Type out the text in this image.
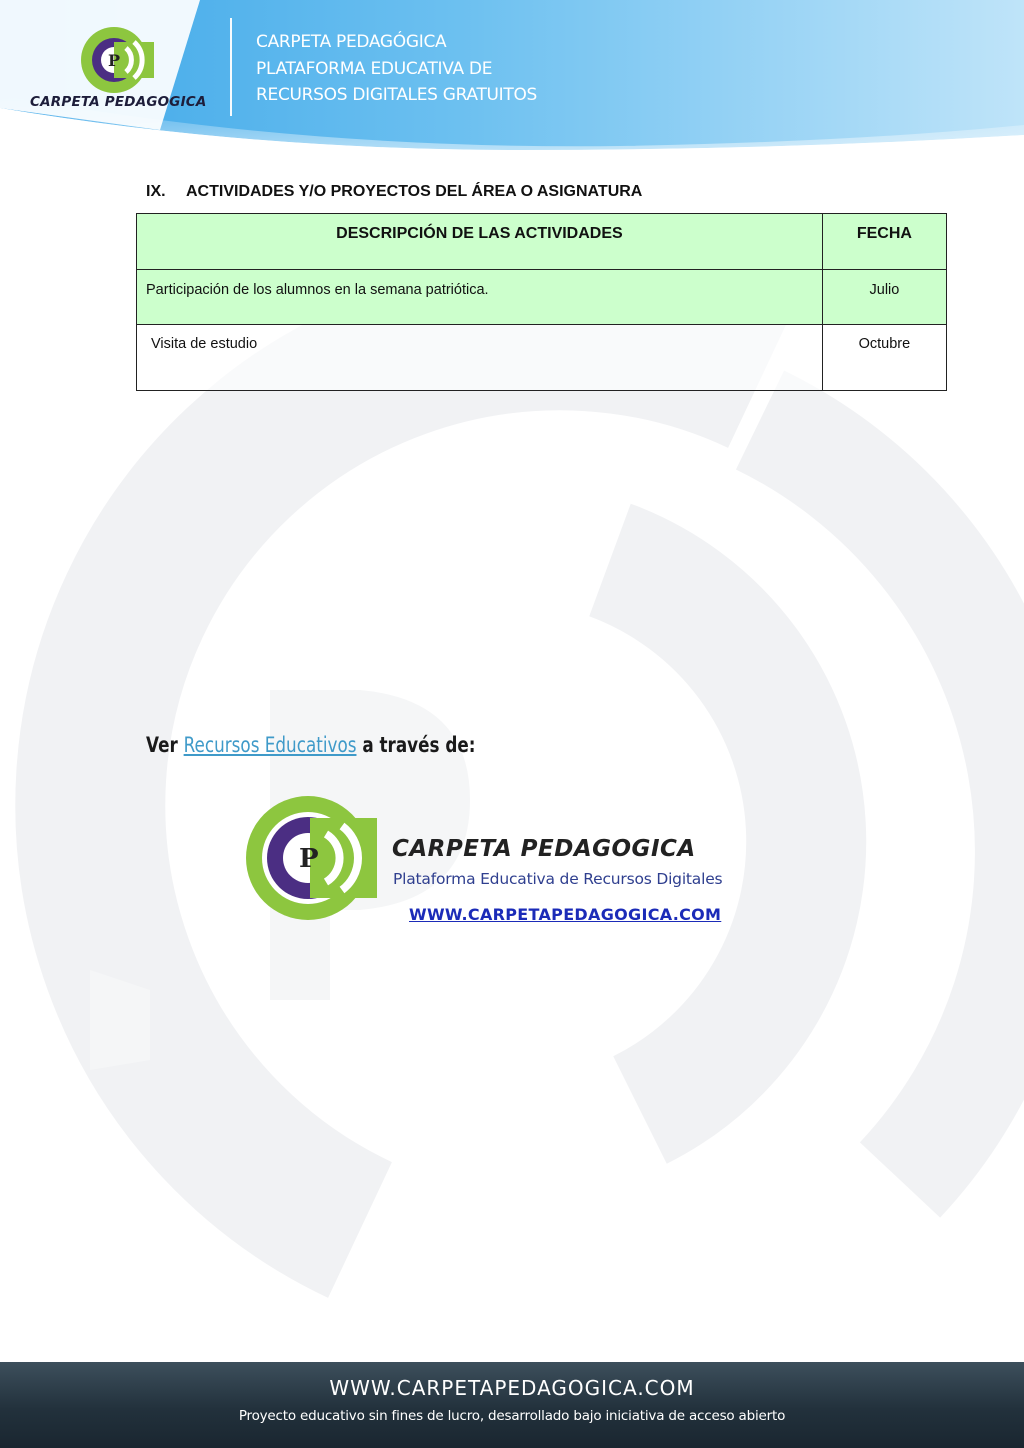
P
CARPETA PEDAGOGICA
CARPETA PEDAGÓGICA
PLATAFORMA EDUCATIVA DE
RECURSOS DIGITALES GRATUITOS
IX. ACTIVIDADES Y/O PROYECTOS DEL ÁREA O ASIGNATURA
DESCRIPCIÓN DE LAS ACTIVIDADES	FECHA
Participación de los alumnos en la semana patriótica.	Julio
Visita de estudio	Octubre
Ver Recursos Educativos a través de:
P	CARPETA PEDAGOGICA
Plataforma Educativa de Recursos Digitales
WWW.CARPETAPEDAGOGICA.COM
WWW.CARPETAPEDAGOGICA.COM
Proyecto educativo sin fines de lucro, desarrollado bajo iniciativa de acceso abierto
